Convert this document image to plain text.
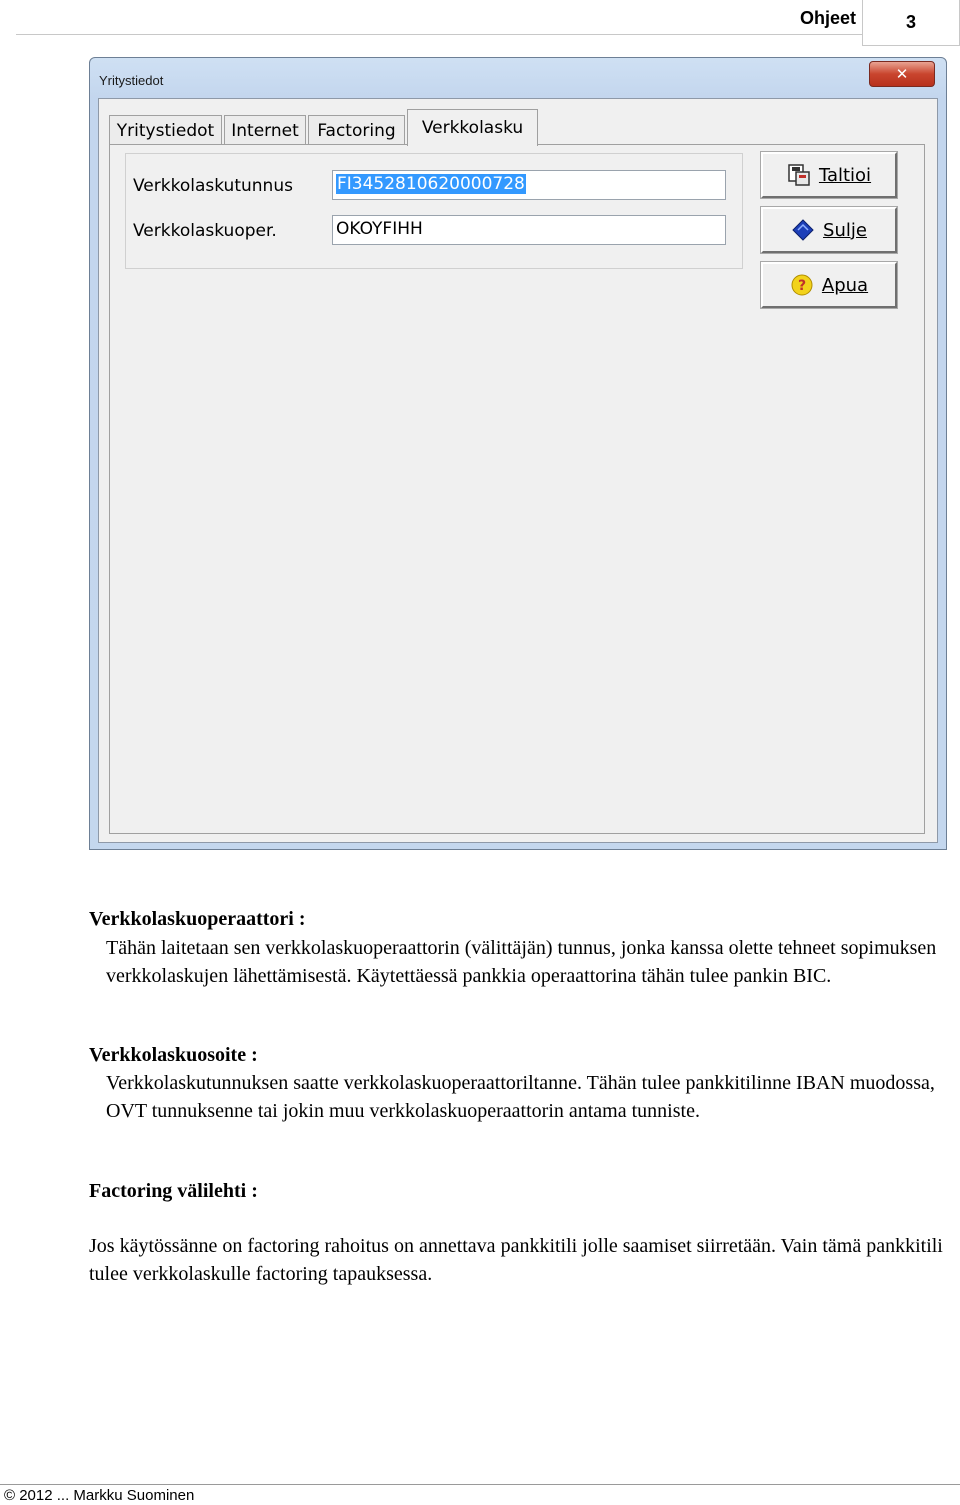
Ohjeet	3
Yritystiedot	✕
Yritystiedot	Internet	Factoring	Verkkolasku
Verkkolaskutunnus	FI3452810620000728
Verkkolaskuoper.	OKOYFIHH
Taltioi
Sulje
? Apua
Verkkolaskuoperaattori :

Tähän laitetaan sen verkkolaskuoperaattorin (välittäjän) tunnus, jonka kanssa olette tehneet sopimuksen verkkolaskujen lähettämisestä. Käytettäessä pankkia operaattorina tähän tulee pankin BIC.

Verkkolaskuosoite :

Verkkolaskutunnuksen saatte verkkolaskuoperaattoriltanne. Tähän tulee pankkitilinne IBAN muodossa, OVT tunnuksenne tai jokin muu verkkolaskuoperaattorin antama tunniste.

Factoring välilehti :

Jos käytössänne on factoring rahoitus on annettava pankkitili jolle saamiset siirretään. Vain tämä pankkitili tulee verkkolaskulle factoring tapauksessa.

© 2012 ... Markku Suominen
